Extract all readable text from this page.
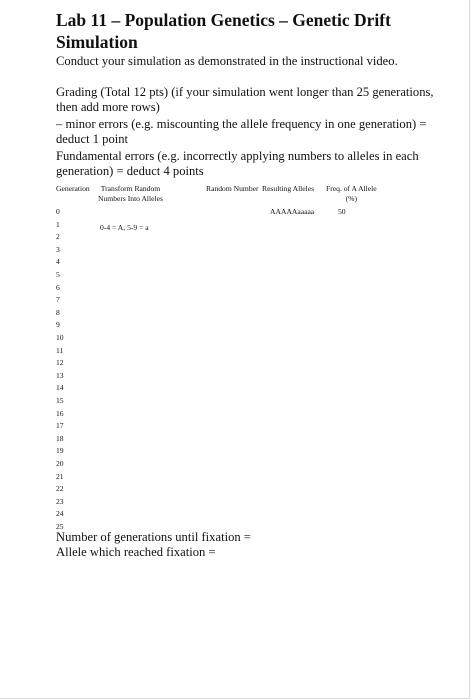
Lab 11 – Population Genetics – Genetic Drift
Simulation

Conduct your simulation as demonstrated in the instructional video.

Grading (Total 12 pts) (if your simulation went longer than 25 generations, then add more rows)

– minor errors (e.g. miscounting the allele frequency in one generation) = deduct 1 point

Fundamental errors (e.g. incorrectly applying numbers to alleles in each generation) = deduct 4 points

Generation	Transform Random
Numbers Into Alleles
Random Number Resulting Alleles Freq. of A Allele
(%)
AAAAAaaaaa	50
0-4 = A, 5-9 = a
0
1
2
3
4
5
6
7
8
9
10
11
12
13
14
15
16
17
18
19
20
21
22
23
24
25
Number of generations until fixation =
Allele which reached fixation =
